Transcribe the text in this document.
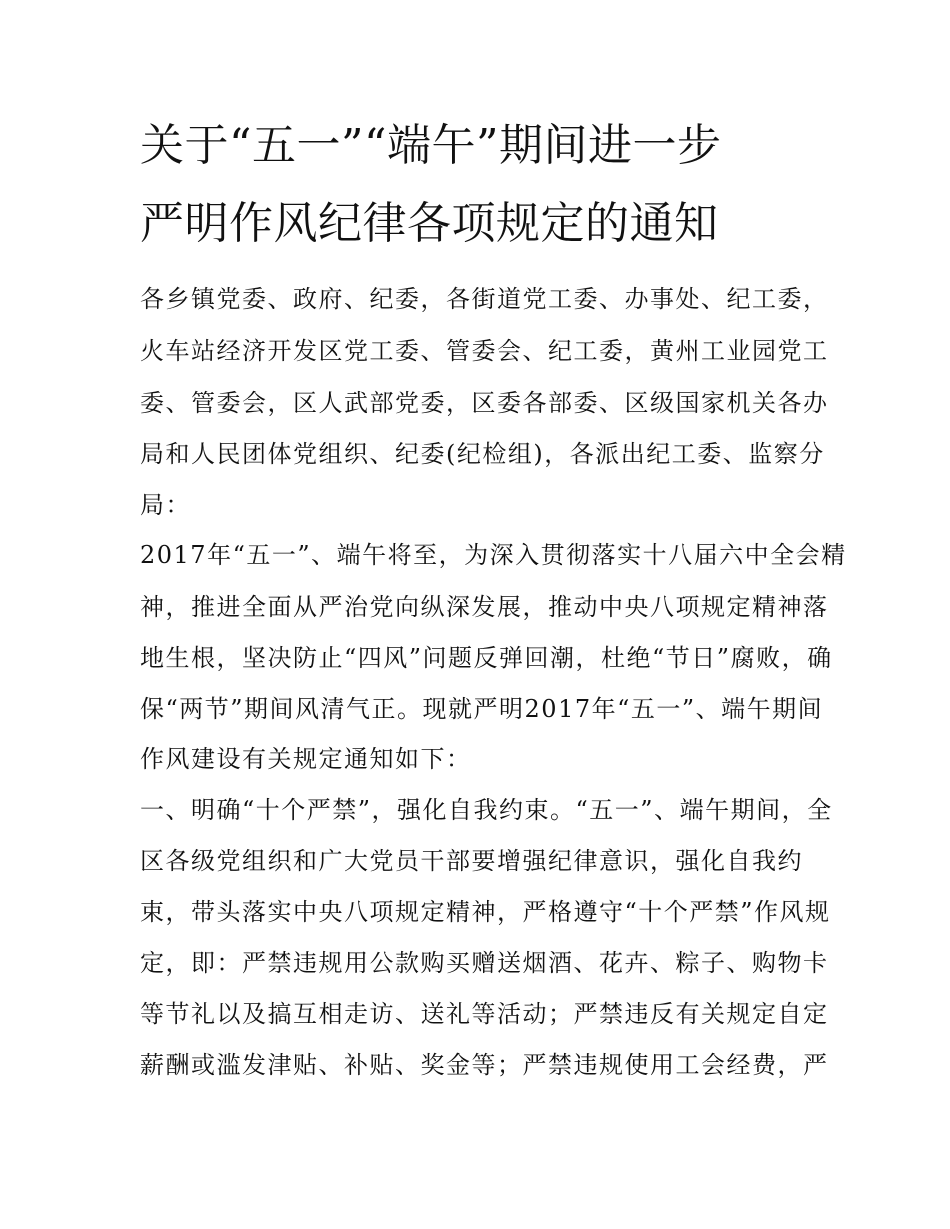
关于“五一”“端午”期间进一步
严明作风纪律各项规定的通知
各乡镇党委、政府、纪委，各街道党工委、办事处、纪工委，
火车站经济开发区党工委、管委会、纪工委，黄州工业园党工
委、管委会，区人武部党委，区委各部委、区级国家机关各办
局和人民团体党组织、纪委(纪检组)，各派出纪工委、监察分
局：
2017年“五一”、端午将至，为深入贯彻落实十八届六中全会精
神，推进全面从严治党向纵深发展，推动中央八项规定精神落
地生根，坚决防止“四风”问题反弹回潮，杜绝“节日”腐败，确
保“两节”期间风清气正。现就严明2017年“五一”、端午期间
作风建设有关规定通知如下：
一、明确“十个严禁”，强化自我约束。“五一”、端午期间，全
区各级党组织和广大党员干部要增强纪律意识，强化自我约
束，带头落实中央八项规定精神，严格遵守“十个严禁”作风规
定，即：严禁违规用公款购买赠送烟酒、花卉、粽子、购物卡
等节礼以及搞互相走访、送礼等活动；严禁违反有关规定自定
薪酬或滥发津贴、补贴、奖金等；严禁违规使用工会经费，严
